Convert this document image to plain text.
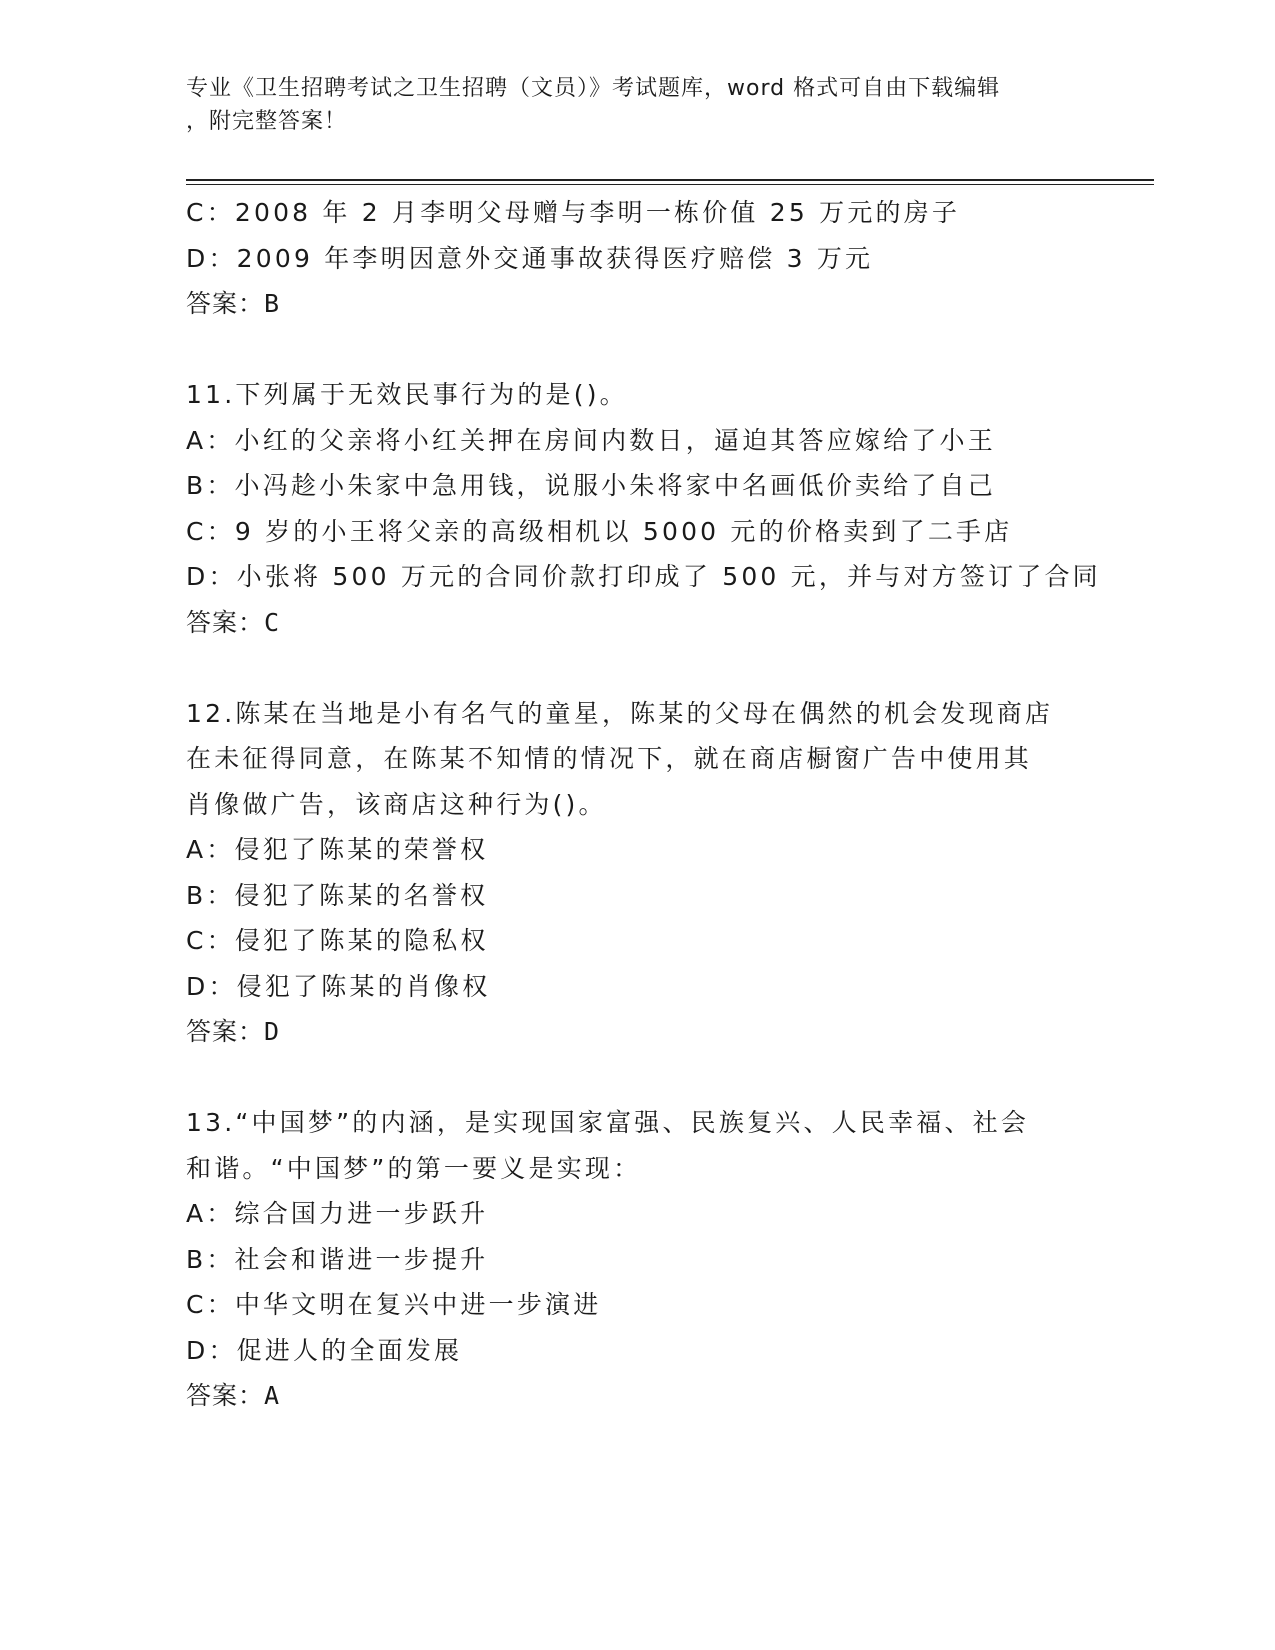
专业《卫生招聘考试之卫生招聘（文员）》考试题库，word 格式可自由下载编辑
，附完整答案！
C：2008 年 2 月李明父母赠与李明一栋价值 25 万元的房子
D：2009 年李明因意外交通事故获得医疗赔偿 3 万元
答案：B
11.下列属于无效民事行为的是()。
A：小红的父亲将小红关押在房间内数日，逼迫其答应嫁给了小王
B：小冯趁小朱家中急用钱，说服小朱将家中名画低价卖给了自己
C：9 岁的小王将父亲的高级相机以 5000 元的价格卖到了二手店
D：小张将 500 万元的合同价款打印成了 500 元，并与对方签订了合同
答案：C
12.陈某在当地是小有名气的童星，陈某的父母在偶然的机会发现商店
在未征得同意，在陈某不知情的情况下，就在商店橱窗广告中使用其
肖像做广告，该商店这种行为()。
A：侵犯了陈某的荣誉权
B：侵犯了陈某的名誉权
C：侵犯了陈某的隐私权
D：侵犯了陈某的肖像权
答案：D
13.“中国梦”的内涵，是实现国家富强、民族复兴、人民幸福、社会
和谐。“中国梦”的第一要义是实现：
A：综合国力进一步跃升
B：社会和谐进一步提升
C：中华文明在复兴中进一步演进
D：促进人的全面发展
答案：A
